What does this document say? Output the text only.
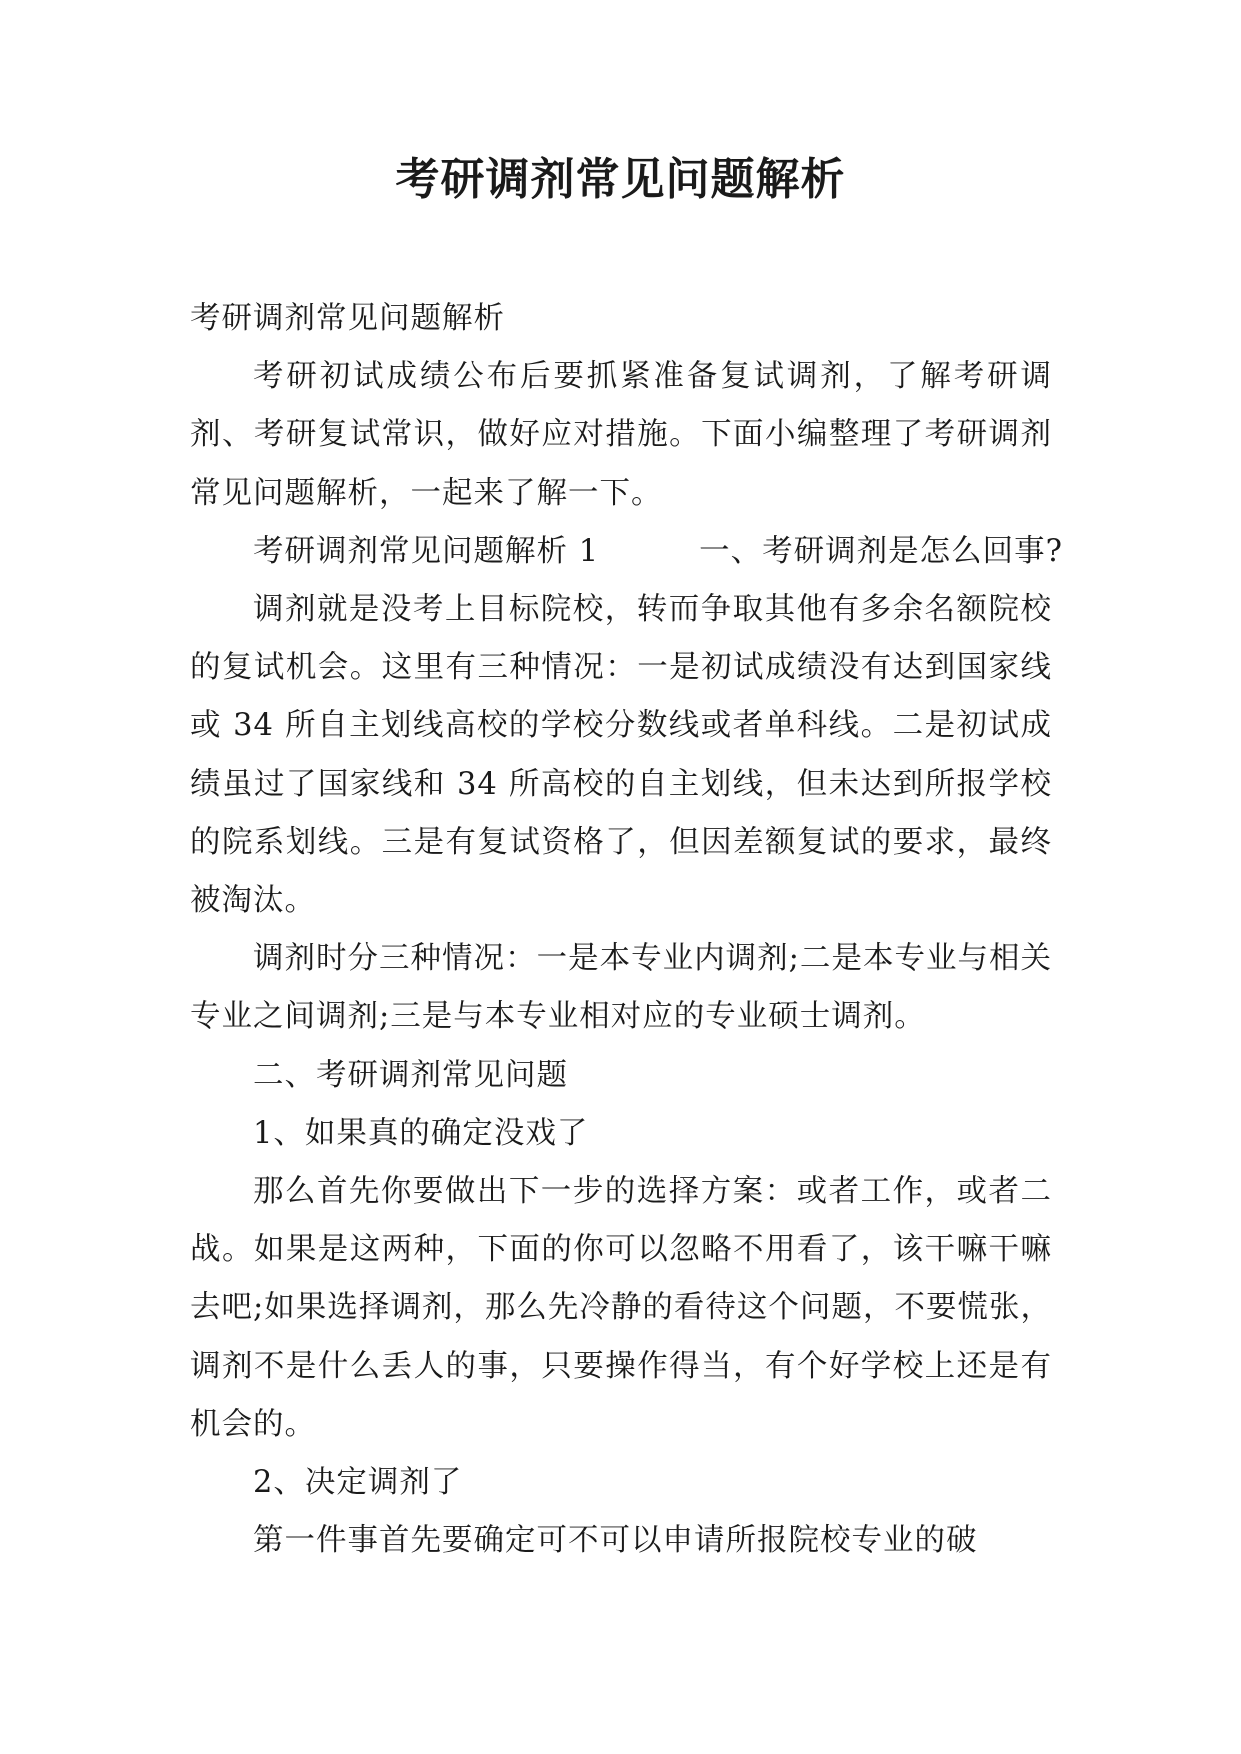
考研调剂常见问题解析

考研调剂常见问题解析

考研初试成绩公布后要抓紧准备复试调剂，了解考研调剂、考研复试常识，做好应对措施。下面小编整理了考研调剂常见问题解析，一起来了解一下。

考研调剂常见问题解析 1	一、考研调剂是怎么回事?

调剂就是没考上目标院校，转而争取其他有多余名额院校的复试机会。这里有三种情况：一是初试成绩没有达到国家线或 34 所自主划线高校的学校分数线或者单科线。二是初试成绩虽过了国家线和 34 所高校的自主划线，但未达到所报学校的院系划线。三是有复试资格了，但因差额复试的要求，最终被淘汰。

调剂时分三种情况：一是本专业内调剂;二是本专业与相关专业之间调剂;三是与本专业相对应的专业硕士调剂。

二、考研调剂常见问题

1、如果真的确定没戏了

那么首先你要做出下一步的选择方案：或者工作，或者二战。如果是这两种，下面的你可以忽略不用看了，该干嘛干嘛去吧;如果选择调剂，那么先冷静的看待这个问题，不要慌张，调剂不是什么丢人的事，只要操作得当，有个好学校上还是有机会的。

2、决定调剂了

第一件事首先要确定可不可以申请所报院校专业的破
